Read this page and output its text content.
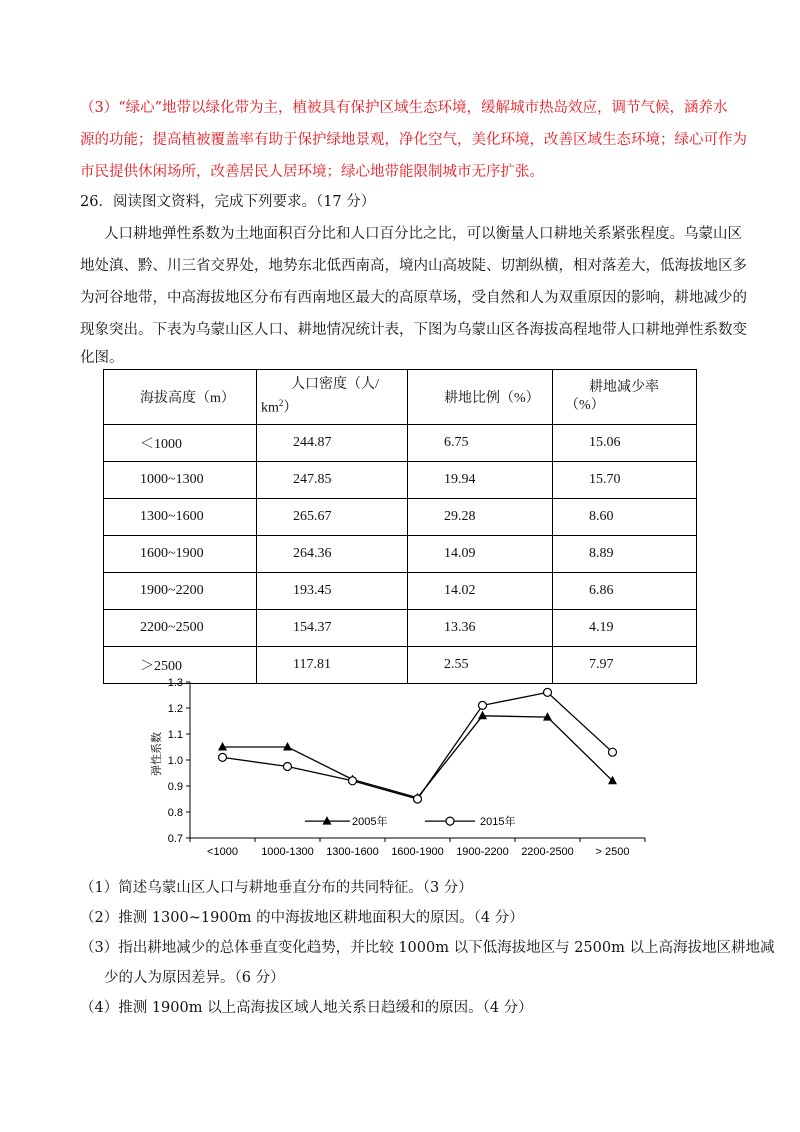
（3）“绿心”地带以绿化带为主，植被具有保护区域生态环境，缓解城市热岛效应，调节气候，涵养水
源的功能；提高植被覆盖率有助于保护绿地景观，净化空气，美化环境，改善区域生态环境；绿心可作为
市民提供休闲场所，改善居民人居环境；绿心地带能限制城市无序扩张。
26．阅读图文资料，完成下列要求。（17 分）
人口耕地弹性系数为土地面积百分比和人口百分比之比，可以衡量人口耕地关系紧张程度。乌蒙山区
地处滇、黔、川三省交界处，地势东北低西南高，境内山高坡陡、切割纵横，相对落差大，低海拔地区多
为河谷地带，中高海拔地区分布有西南地区最大的高原草场，受自然和人为双重原因的影响，耕地减少的
现象突出。下表为乌蒙山区人口、耕地情况统计表，下图为乌蒙山区各海拔高程地带人口耕地弹性系数变
化图。
海拔高度（m）	人口密度（人/
$km^2$）	耕地比例（%）	耕地减少率
（%）
＜1000	244.87	6.75	15.06
1000~1300	247.85	19.94	15.70
1300~1600	265.67	29.28	8.60
1600~1900	264.36	14.09	8.89
1900~2200	193.45	14.02	6.86
2200~2500	154.37	13.36	4.19
＞2500	117.81	2.55	7.97
1.3
1.2
1.1
1.0
0.9
0.8
0.7
<1000 1000-1300 1300-1600 1600-1900 1900-2200 2200-2500 > 2500
弹性系数
2005年	2015年
（1）简述乌蒙山区人口与耕地垂直分布的共同特征。（3 分）
（2）推测 1300~1900m 的中海拔地区耕地面积大的原因。（4 分）
（3）指出耕地减少的总体垂直变化趋势，并比较 1000m 以下低海拔地区与 2500m 以上高海拔地区耕地减
少的人为原因差异。（6 分）
（4）推测 1900m 以上高海拔区域人地关系日趋缓和的原因。（4 分）
